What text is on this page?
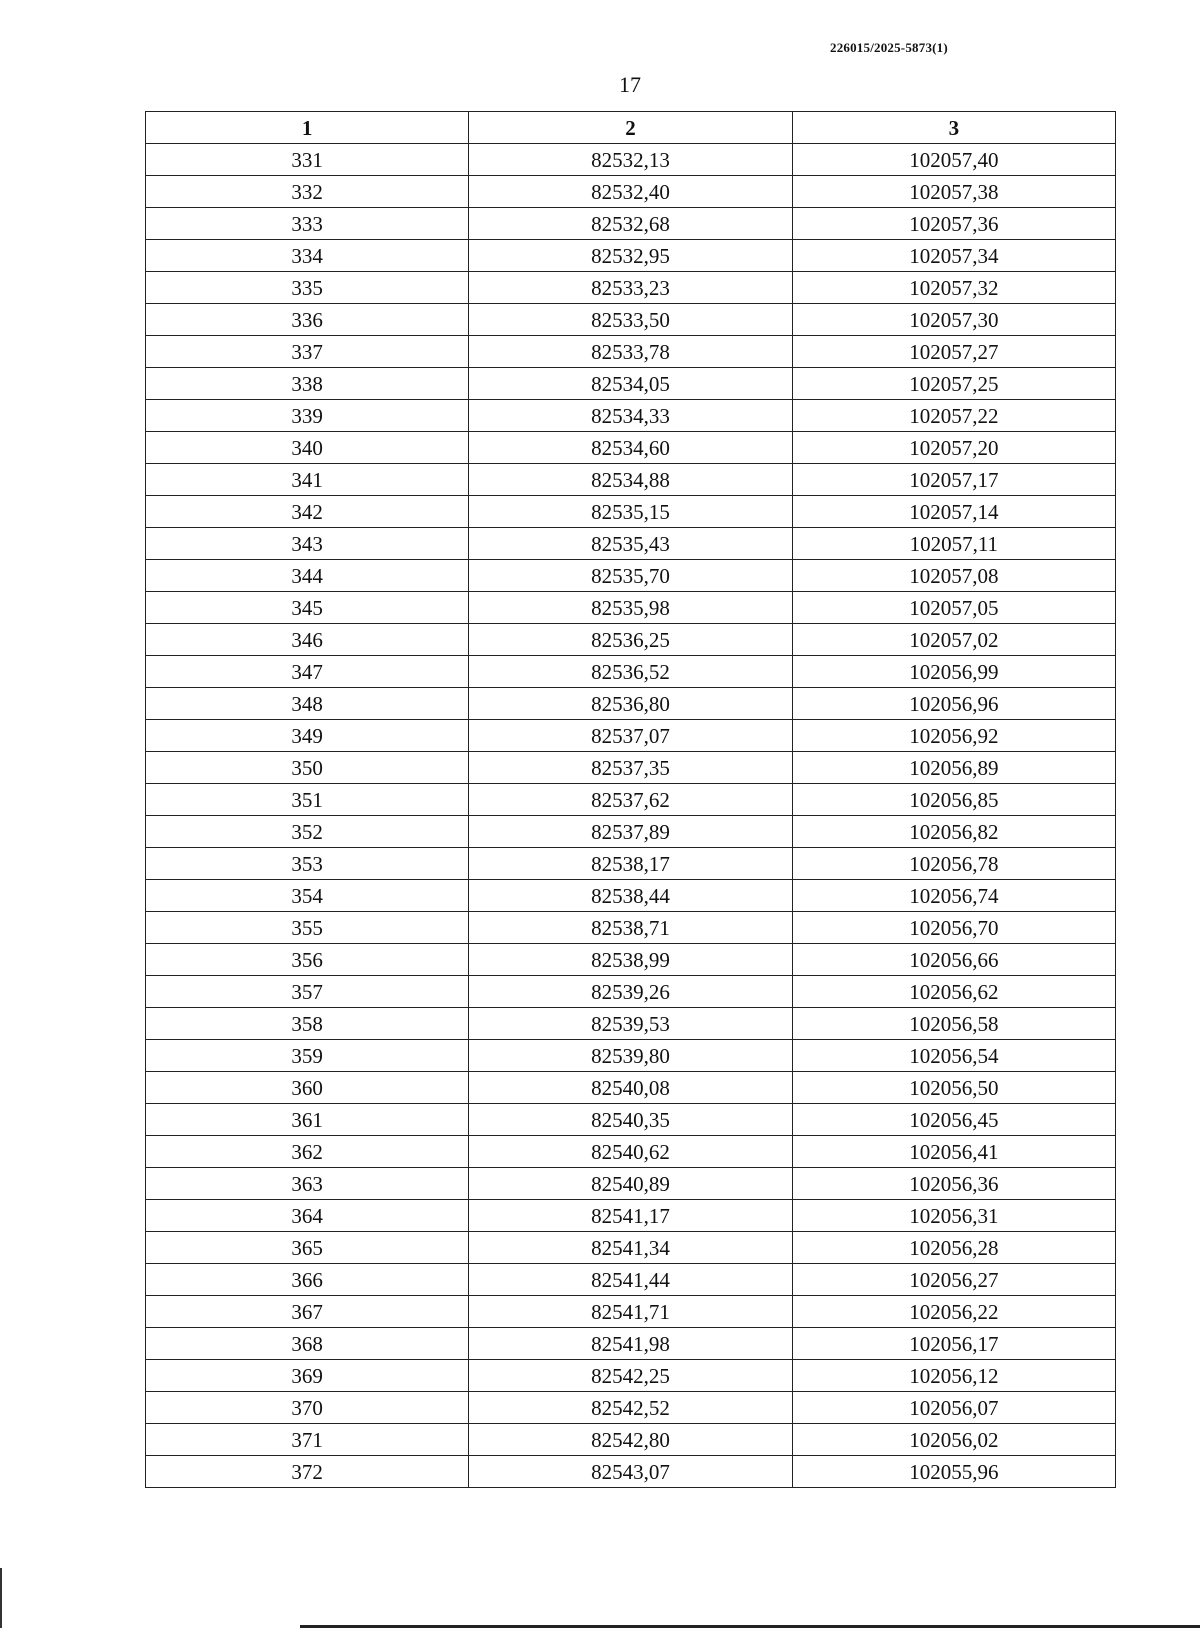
226015/2025-5873(1)
17
1	2	3
331	82532,13	102057,40
332	82532,40	102057,38
333	82532,68	102057,36
334	82532,95	102057,34
335	82533,23	102057,32
336	82533,50	102057,30
337	82533,78	102057,27
338	82534,05	102057,25
339	82534,33	102057,22
340	82534,60	102057,20
341	82534,88	102057,17
342	82535,15	102057,14
343	82535,43	102057,11
344	82535,70	102057,08
345	82535,98	102057,05
346	82536,25	102057,02
347	82536,52	102056,99
348	82536,80	102056,96
349	82537,07	102056,92
350	82537,35	102056,89
351	82537,62	102056,85
352	82537,89	102056,82
353	82538,17	102056,78
354	82538,44	102056,74
355	82538,71	102056,70
356	82538,99	102056,66
357	82539,26	102056,62
358	82539,53	102056,58
359	82539,80	102056,54
360	82540,08	102056,50
361	82540,35	102056,45
362	82540,62	102056,41
363	82540,89	102056,36
364	82541,17	102056,31
365	82541,34	102056,28
366	82541,44	102056,27
367	82541,71	102056,22
368	82541,98	102056,17
369	82542,25	102056,12
370	82542,52	102056,07
371	82542,80	102056,02
372	82543,07	102055,96
